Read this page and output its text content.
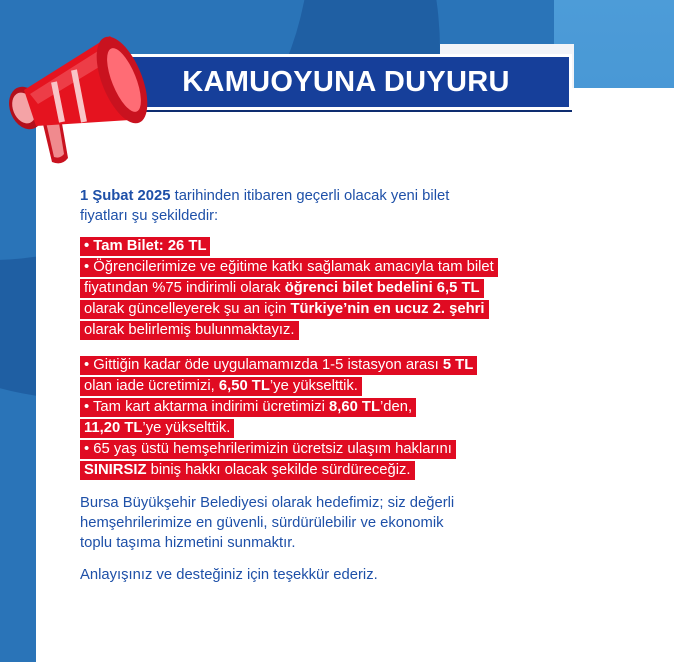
KAMUOYUNA DUYURU
1 Şubat 2025 tarihinden itibaren geçerli olacak yeni bilet
fiyatları şu şekildedir:
• Tam Bilet: 26 TL
• Öğrencilerimize ve eğitime katkı sağlamak amacıyla tam bilet
fiyatından %75 indirimli olarak öğrenci bilet bedelini 6,5 TL
olarak güncelleyerek şu an için Türkiye’nin en ucuz 2. şehri
olarak belirlemiş bulunmaktayız.
• Gittiğin kadar öde uygulamamızda 1-5 istasyon arası 5 TL
olan iade ücretimizi, 6,50 TL’ye yükselttik.
• Tam kart aktarma indirimi ücretimizi 8,60 TL’den,
11,20 TL’ye yükselttik.
• 65 yaş üstü hemşehrilerimizin ücretsiz ulaşım haklarını
SINIRSIZ biniş hakkı olacak şekilde sürdüreceğiz.
Bursa Büyükşehir Belediyesi olarak hedefimiz; siz değerli
hemşehrilerimize en güvenli, sürdürülebilir ve ekonomik
toplu taşıma hizmetini sunmaktır.
Anlayışınız ve desteğiniz için teşekkür ederiz.
